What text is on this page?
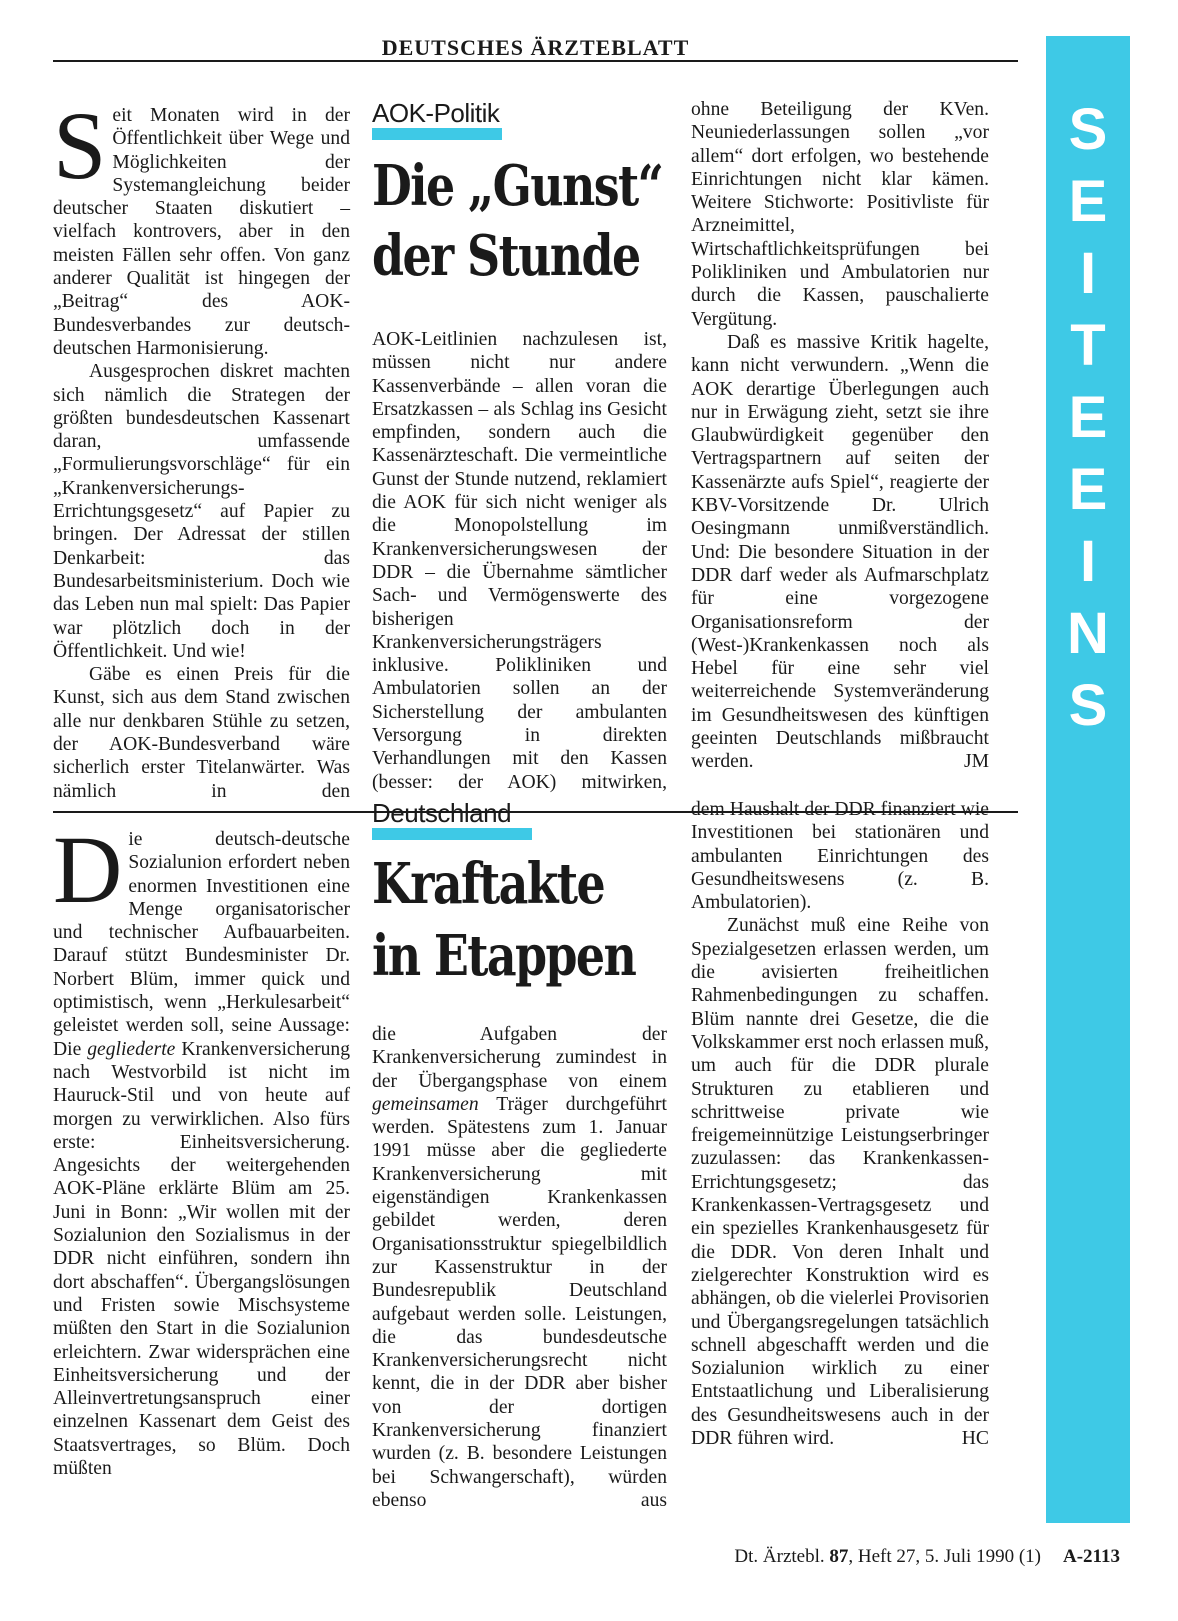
DEUTSCHES ÄRZTEBLATT
S
E
I
T
E
E
I
N
S

Seit Monaten wird in der Öffentlichkeit über Wege und Möglichkeiten der Systemangleichung beider deutscher Staaten diskutiert – vielfach kontrovers, aber in den meisten Fällen sehr offen. Von ganz anderer Qualität ist hingegen der „Beitrag“ des AOK-Bundesverbandes zur deutsch-deutschen Harmonisierung.

Ausgesprochen diskret machten sich nämlich die Strategen der größten bundesdeutschen Kassenart daran, umfassende „Formulierungsvorschläge“ für ein „Krankenversicherungs-Errichtungsgesetz“ auf Papier zu bringen. Der Adressat der stillen Denkarbeit: das Bundesarbeitsministerium. Doch wie das Leben nun mal spielt: Das Papier war plötzlich doch in der Öffentlichkeit. Und wie!

Gäbe es einen Preis für die Kunst, sich aus dem Stand zwischen alle nur denkbaren Stühle zu setzen, der AOK-Bundesverband wäre sicherlich erster Titelanwärter. Was nämlich in den

AOK-Politik
Die „Gunst“
der Stunde

AOK-Leitlinien nachzulesen ist, müssen nicht nur andere Kassenverbände – allen voran die Ersatzkassen – als Schlag ins Gesicht empfinden, sondern auch die Kassenärzteschaft. Die vermeintliche Gunst der Stunde nutzend, reklamiert die AOK für sich nicht weniger als die Monopolstellung im Krankenversicherungswesen der DDR – die Übernahme sämtlicher Sach- und Vermögenswerte des bisherigen Krankenversicherungsträgers inklusive. Polikliniken und Ambulatorien sollen an der Sicherstellung der ambulanten Versorgung in direkten Verhandlungen mit den Kassen (besser: der AOK) mitwirken,

ohne Beteiligung der KVen. Neuniederlassungen sollen „vor allem“ dort erfolgen, wo bestehende Einrichtungen nicht klar kämen. Weitere Stichworte: Positivliste für Arzneimittel, Wirtschaftlichkeitsprüfungen bei Polikliniken und Ambulatorien nur durch die Kassen, pauschalierte Vergütung.

Daß es massive Kritik hagelte, kann nicht verwundern. „Wenn die AOK derartige Überlegungen auch nur in Erwägung zieht, setzt sie ihre Glaubwürdigkeit gegenüber den Vertragspartnern auf seiten der Kassenärzte aufs Spiel“, reagierte der KBV-Vorsitzende Dr. Ulrich Oesingmann unmißverständlich. Und: Die besondere Situation in der DDR darf weder als Aufmarschplatz für eine vorgezogene Organisationsreform der (West-)Krankenkassen noch als Hebel für eine sehr viel weiterreichende Systemveränderung im Gesundheitswesen des künftigen geeinten Deutschlands mißbraucht werden.	JM

Die deutsch-deutsche Sozialunion erfordert neben enormen Investitionen eine Menge organisatorischer und technischer Aufbauarbeiten. Darauf stützt Bundesminister Dr. Norbert Blüm, immer quick und optimistisch, wenn „Herkulesarbeit“ geleistet werden soll, seine Aussage: Die gegliederte Krankenversicherung nach Westvorbild ist nicht im Hauruck-Stil und von heute auf morgen zu verwirklichen. Also fürs erste: Einheitsversicherung. Angesichts der weitergehenden AOK-Pläne erklärte Blüm am 25. Juni in Bonn: „Wir wollen mit der Sozialunion den Sozialismus in der DDR nicht einführen, sondern ihn dort abschaffen“. Übergangslösungen und Fristen sowie Mischsysteme müßten den Start in die Sozialunion erleichtern. Zwar widersprächen eine Einheitsversicherung und der Alleinvertretungsanspruch einer einzelnen Kassenart dem Geist des Staatsvertrages, so Blüm. Doch müßten

Deutschland
Kraftakte
in Etappen

die Aufgaben der Krankenversicherung zumindest in der Übergangsphase von einem gemeinsamen Träger durchgeführt werden. Spätestens zum 1. Januar 1991 müsse aber die gegliederte Krankenversicherung mit eigenständigen Krankenkassen gebildet werden, deren Organisationsstruktur spiegelbildlich zur Kassenstruktur in der Bundesrepublik Deutschland aufgebaut werden solle. Leistungen, die das bundesdeutsche Krankenversicherungsrecht nicht kennt, die in der DDR aber bisher von der dortigen Krankenversicherung finanziert wurden (z. B. besondere Leistungen bei Schwangerschaft), würden ebenso aus

dem Haushalt der DDR finanziert wie Investitionen bei stationären und ambulanten Einrichtungen des Gesundheitswesens (z. B. Ambulatorien).

Zunächst muß eine Reihe von Spezialgesetzen erlassen werden, um die avisierten freiheitlichen Rahmenbedingungen zu schaffen. Blüm nannte drei Gesetze, die die Volkskammer erst noch erlassen muß, um auch für die DDR plurale Strukturen zu etablieren und schrittweise private wie freigemeinnützige Leistungserbringer zuzulassen: das Krankenkassen-Errichtungsgesetz; das Krankenkassen-Vertragsgesetz und ein spezielles Krankenhausgesetz für die DDR. Von deren Inhalt und zielgerechter Konstruktion wird es abhängen, ob die vielerlei Provisorien und Übergangsregelungen tatsächlich schnell abgeschafft werden und die Sozialunion wirklich zu einer Entstaatlichung und Liberalisierung des Gesundheitswesens auch in der DDR führen wird.	HC

Dt. Ärztebl. 87, Heft 27, 5. Juli 1990 (1) A-2113
